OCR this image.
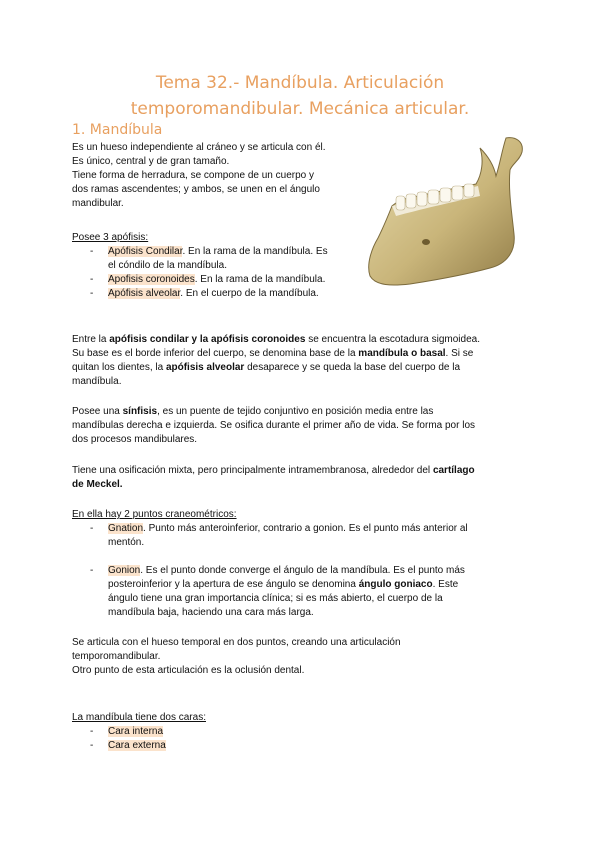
Tema 32.- Mandíbula. Articulación
temporomandibular. Mecánica articular.
1. Mandíbula

Es un hueso independiente al cráneo y se articula con él.
Es único, central y de gran tamaño.
Tiene forma de herradura, se compone de un cuerpo y
dos ramas ascendentes; y ambos, se unen en el ángulo
mandibular.

Posee 3 apófisis:

- Apófisis Condilar. En la rama de la mandíbula. Es
el cóndilo de la mandíbula.
- Apofisis coronoides. En la rama de la mandíbula.
- Apófisis alveolar. En el cuerpo de la mandíbula.

Entre la apófisis condilar y la apófisis coronoides se encuentra la escotadura sigmoidea.
Su base es el borde inferior del cuerpo, se denomina base de la mandíbula o basal. Si se
quitan los dientes, la apófisis alveolar desaparece y se queda la base del cuerpo de la
mandíbula.

Posee una sínfisis, es un puente de tejido conjuntivo en posición media entre las
mandíbulas derecha e izquierda. Se osifica durante el primer año de vida. Se forma por los
dos procesos mandibulares.

Tiene una osificación mixta, pero principalmente intramembranosa, alrededor del cartílago
de Meckel.

En ella hay 2 puntos craneométricos:

- Gnation. Punto más anteroinferior, contrario a gonion. Es el punto más anterior al
mentón.
- Gonion. Es el punto donde converge el ángulo de la mandíbula. Es el punto más
posteroinferior y la apertura de ese ángulo se denomina ángulo goniaco. Este
ángulo tiene una gran importancia clínica; si es más abierto, el cuerpo de la
mandíbula baja, haciendo una cara más larga.

Se articula con el hueso temporal en dos puntos, creando una articulación
temporomandibular.
Otro punto de esta articulación es la oclusión dental.

La mandíbula tiene dos caras:

- Cara interna
- Cara externa
